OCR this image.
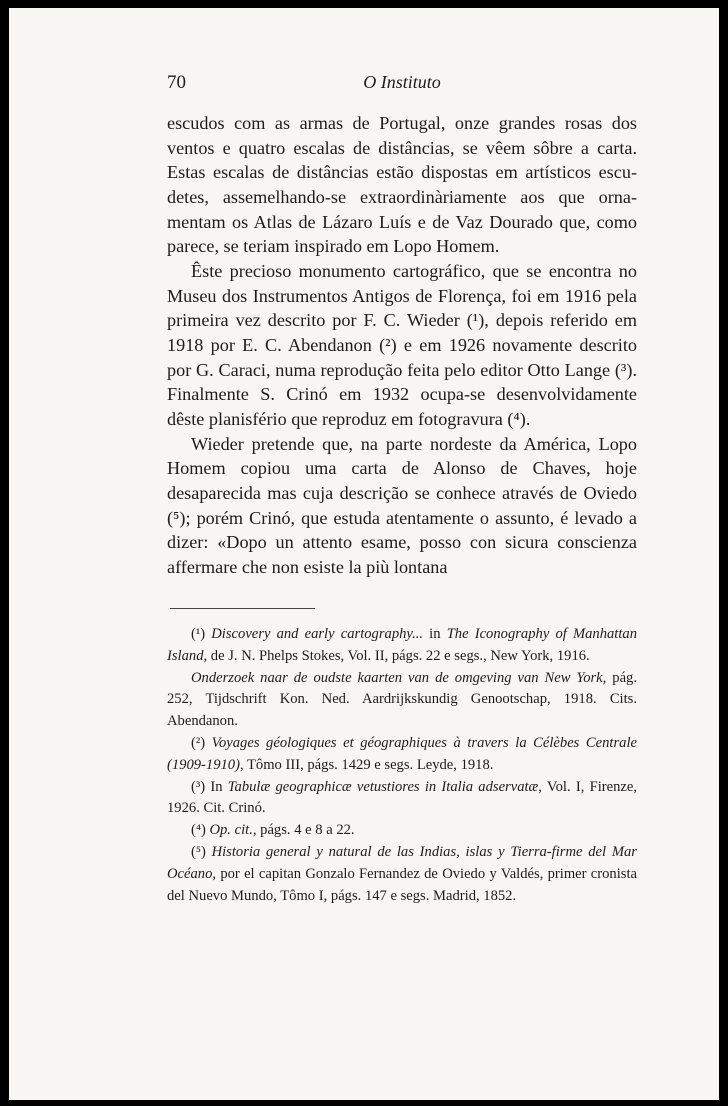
70	O Instituto

escudos com as armas de Portugal, onze grandes rosas dos ventos e quatro escalas de distâncias, se vêem sôbre a carta. Estas escalas de distâncias estão dispostas em artísticos escudetes, assemelhando-se extraordinàriamente aos que ornamentam os Atlas de Lázaro Luís e de Vaz Dourado que, como parece, se teriam inspirado em Lopo Homem.

Êste precioso monumento cartográfico, que se encontra no Museu dos Instrumentos Antigos de Florença, foi em 1916 pela primeira vez descrito por F. C. Wieder (¹), depois referido em 1918 por E. C. Abendanon (²) e em 1926 novamente descrito por G. Caraci, numa reprodução feita pelo editor Otto Lange (³). Finalmente S. Crinó em 1932 ocupa-se desenvolvidamente dêste planisfério que reproduz em fotogravura (⁴).

Wieder pretende que, na parte nordeste da América, Lopo Homem copiou uma carta de Alonso de Chaves, hoje desaparecida mas cuja descrição se conhece através de Oviedo (⁵); porém Crinó, que estuda atentamente o assunto, é levado a dizer: «Dopo un attento esame, posso con sicura conscienza affermare che non esiste la più lontana

(¹) Discovery and early cartography... in The Iconography of Manhattan Island, de J. N. Phelps Stokes, Vol. II, págs. 22 e segs., New York, 1916.

Onderzoek naar de oudste kaarten van de omgeving van New York, pág. 252, Tijdschrift Kon. Ned. Aardrijkskundig Genootschap, 1918. Cits. Abendanon.

(²) Voyages géologiques et géographiques à travers la Célèbes Centrale (1909-1910), Tômo III, págs. 1429 e segs. Leyde, 1918.

(³) In Tabulæ geographicæ vetustiores in Italia adservatæ, Vol. I, Firenze, 1926. Cit. Crinó.

(⁴) Op. cit., págs. 4 e 8 a 22.

(⁵) Historia general y natural de las Indias, islas y Tierra-firme del Mar Océano, por el capitan Gonzalo Fernandez de Oviedo y Valdés, primer cronista del Nuevo Mundo, Tômo I, págs. 147 e segs. Madrid, 1852.
